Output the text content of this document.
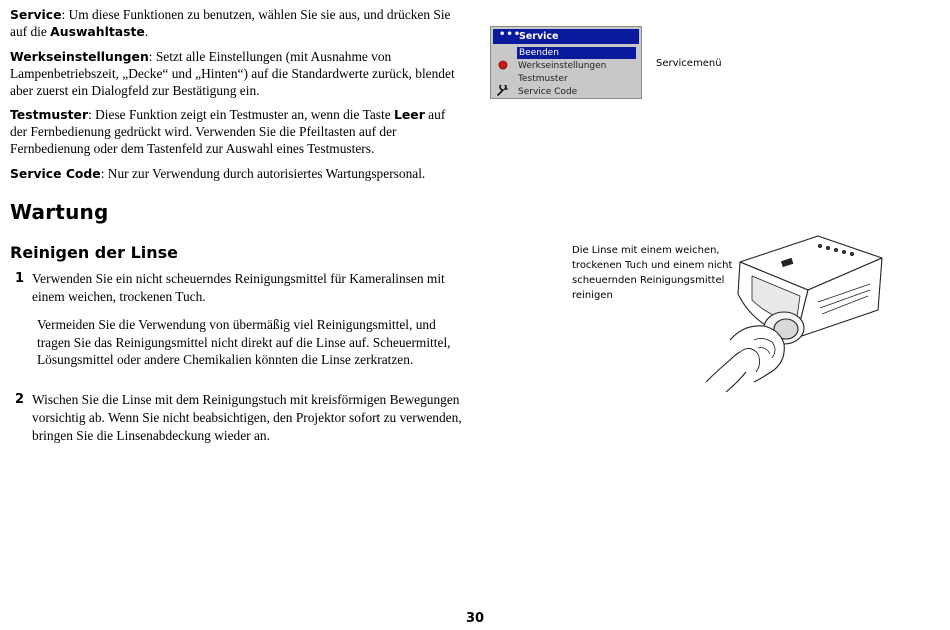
Service: Um diese Funktionen zu benutzen, wählen Sie sie aus, und drücken Sie auf die Auswahltaste.

Werkseinstellungen: Setzt alle Einstellungen (mit Ausnahme von Lampenbetriebszeit, „Decke“ und „Hinten“) auf die Standardwerte zurück, blendet aber zuerst ein Dialogfeld zur Bestätigung ein.

Testmuster: Diese Funktion zeigt ein Testmuster an, wenn die Taste Leer auf der Fernbedienung gedrückt wird. Verwenden Sie die Pfeiltasten auf der Fernbedienung oder dem Tastenfeld zur Auswahl eines Testmusters.

Service Code: Nur zur Verwendung durch autorisiertes Wartungspersonal.

Wartung
Reinigen der Linse
1 Verwenden Sie ein nicht scheuerndes Reinigungsmittel für Kameralinsen mit einem weichen, trockenen Tuch.

Vermeiden Sie die Verwendung von übermäßig viel Reinigungsmittel, und tragen Sie das Reinigungsmittel nicht direkt auf die Linse auf. Scheuermittel, Lösungsmittel oder andere Chemikalien könnten die Linse zerkratzen.

2 Wischen Sie die Linse mit dem Reinigungstuch mit kreisförmigen Bewegungen vorsichtig ab. Wenn Sie nicht beabsichtigen, den Projektor sofort zu verwenden, bringen Sie die Linsenabdeckung wieder an.

•••
Service
Beenden
Werkseinstellungen
Testmuster
Service Code
Servicemenü
Die Linse mit einem weichen, trockenen Tuch und einem nicht scheuernden Reinigungsmittel reinigen
30
